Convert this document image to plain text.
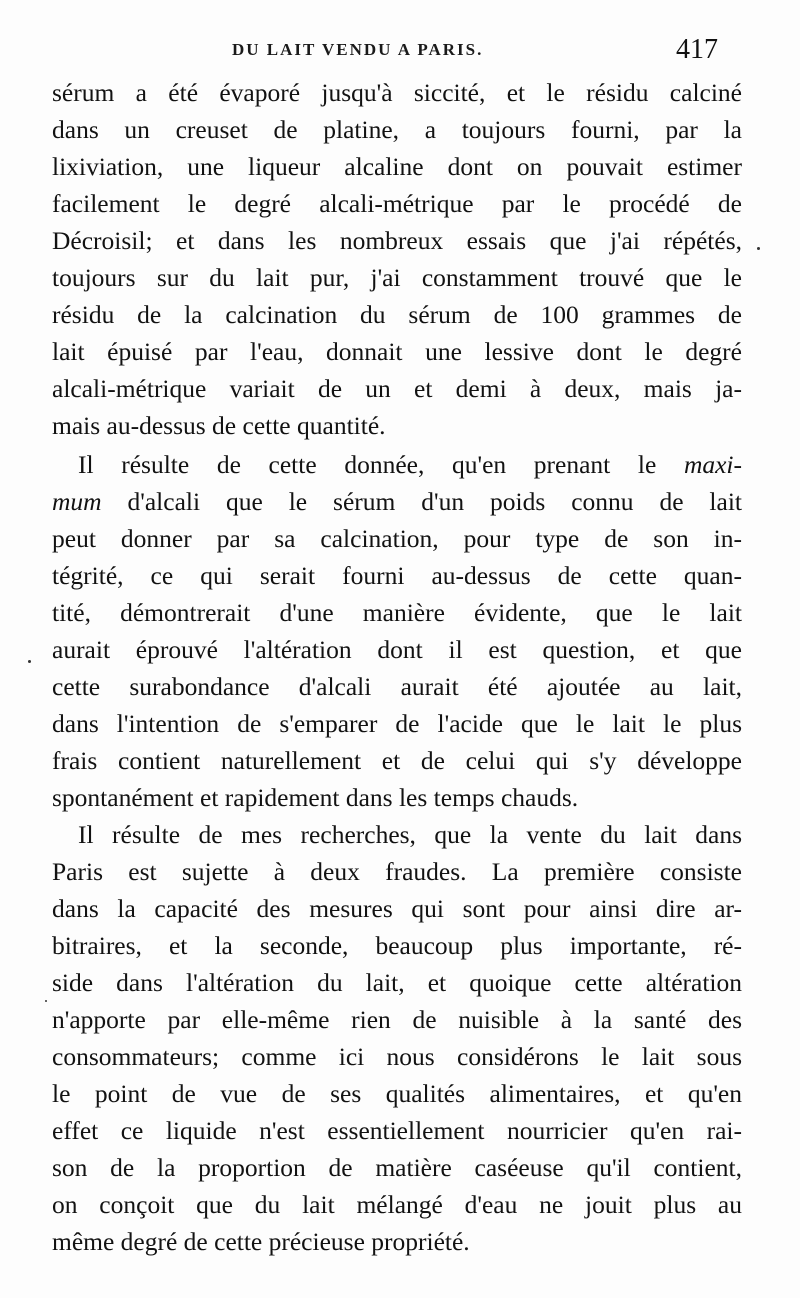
DU LAIT VENDU A PARIS.	417
sérum a été évaporé jusqu'à siccité, et le résidu calciné
dans un creuset de platine, a toujours fourni, par la
lixiviation, une liqueur alcaline dont on pouvait estimer
facilement le degré alcali-métrique par le procédé de
Décroisil; et dans les nombreux essais que j'ai répétés,
toujours sur du lait pur, j'ai constamment trouvé que le
résidu de la calcination du sérum de 100 grammes de
lait épuisé par l'eau, donnait une lessive dont le degré
alcali-métrique variait de un et demi à deux, mais ja-
mais au-dessus de cette quantité.
Il résulte de cette donnée, qu'en prenant le maxi-
mum d'alcali que le sérum d'un poids connu de lait
peut donner par sa calcination, pour type de son in-
tégrité, ce qui serait fourni au-dessus de cette quan-
tité, démontrerait d'une manière évidente, que le lait
aurait éprouvé l'altération dont il est question, et que
cette surabondance d'alcali aurait été ajoutée au lait,
dans l'intention de s'emparer de l'acide que le lait le plus
frais contient naturellement et de celui qui s'y développe
spontanément et rapidement dans les temps chauds.
Il résulte de mes recherches, que la vente du lait dans
Paris est sujette à deux fraudes. La première consiste
dans la capacité des mesures qui sont pour ainsi dire ar-
bitraires, et la seconde, beaucoup plus importante, ré-
side dans l'altération du lait, et quoique cette altération
n'apporte par elle-même rien de nuisible à la santé des
consommateurs; comme ici nous considérons le lait sous
le point de vue de ses qualités alimentaires, et qu'en
effet ce liquide n'est essentiellement nourricier qu'en rai-
son de la proportion de matière caséeuse qu'il contient,
on conçoit que du lait mélangé d'eau ne jouit plus au
même degré de cette précieuse propriété.
